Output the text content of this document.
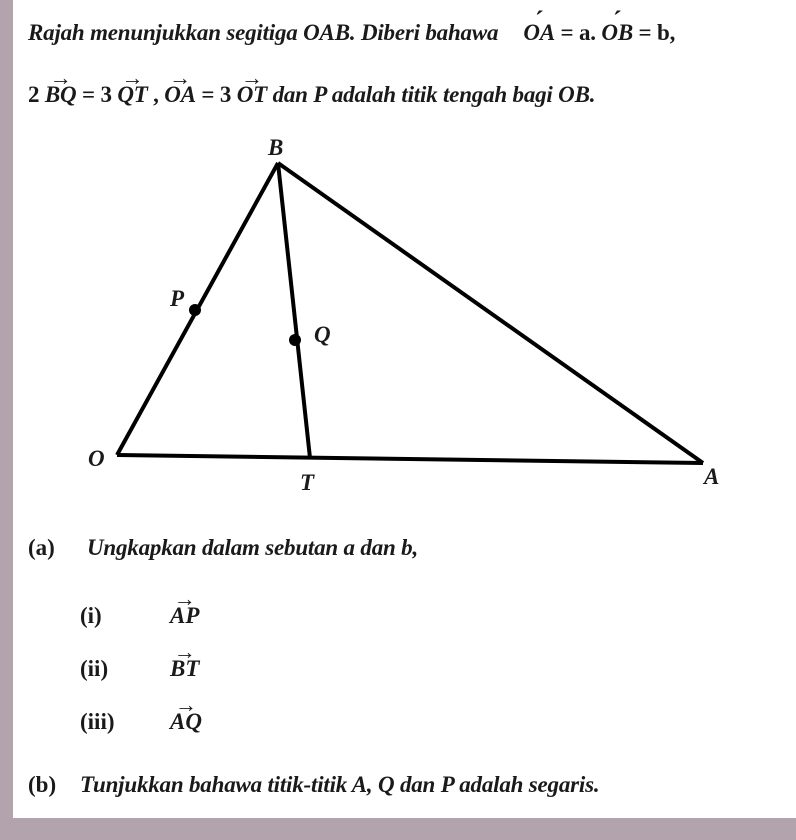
Rajah menunjukkan segitiga OAB. Diberi bahawa ´ OA = a. ´ OB = b,
2 → BQ = 3 → QT , → OA = 3 → OT dan P adalah titik tengah bagi OB.
B
P
Q
O
T	A
(a) Ungkapkan dalam sebutan a dan b,
(i)	→ AP
(ii)	→ BT
(iii) → AQ
(b) Tunjukkan bahawa titik-titik A, Q dan P adalah segaris.
